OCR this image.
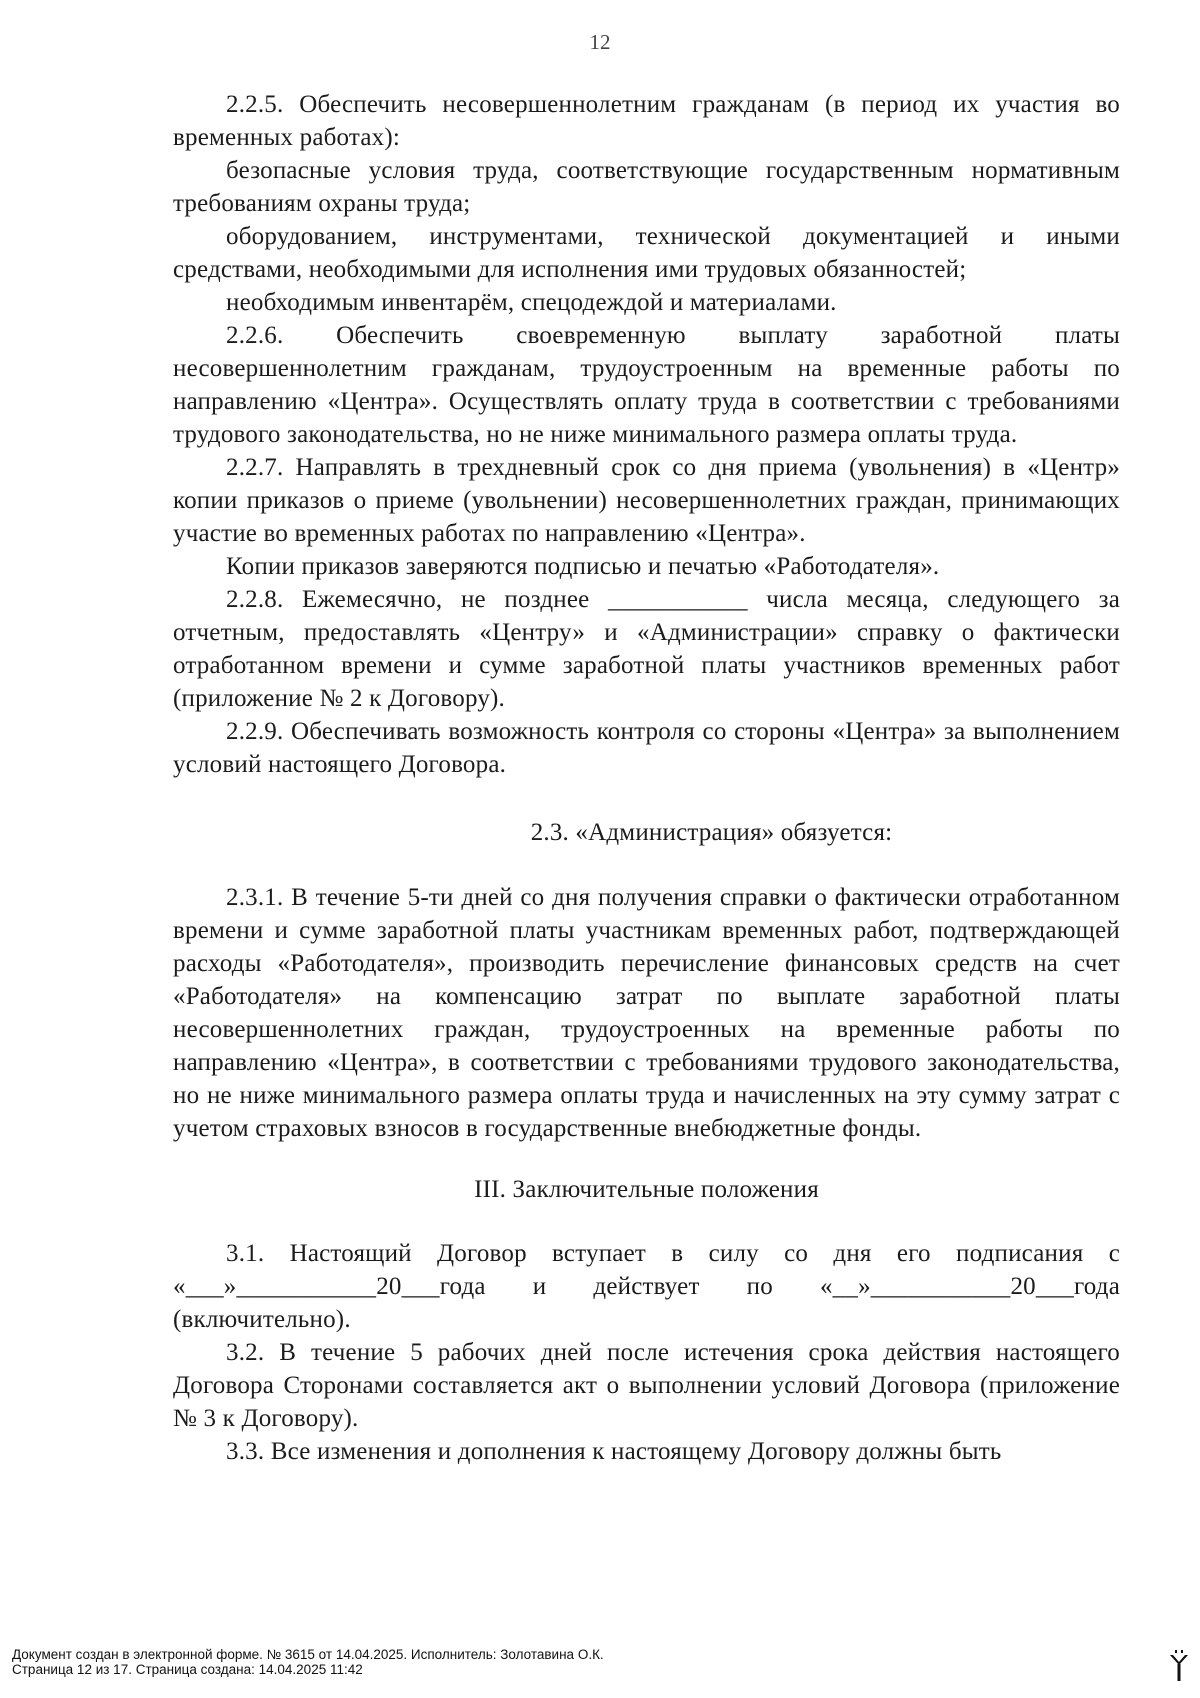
12

2.2.5. Обеспечить несовершеннолетним гражданам (в период их участия во временных работах):

безопасные условия труда, соответствующие государственным нормативным требованиям охраны труда;

оборудованием, инструментами, технической документацией и иными средствами, необходимыми для исполнения ими трудовых обязанностей;

необходимым инвентарём, спецодеждой и материалами.

2.2.6. Обеспечить своевременную выплату заработной платы несовершеннолетним гражданам, трудоустроенным на временные работы по направлению «Центра». Осуществлять оплату труда в соответствии с требованиями трудового законодательства, но не ниже минимального размера оплаты труда.

2.2.7. Направлять в трехдневный срок со дня приема (увольнения) в «Центр» копии приказов о приеме (увольнении) несовершеннолетних граждан, принимающих участие во временных работах по направлению «Центра».

Копии приказов заверяются подписью и печатью «Работодателя».

2.2.8. Ежемесячно, не позднее ___________ числа месяца, следующего за отчетным, предоставлять «Центру» и «Администрации» справку о фактически отработанном времени и сумме заработной платы участников временных работ (приложение № 2 к Договору).

2.2.9. Обеспечивать возможность контроля со стороны «Центра» за выполнением условий настоящего Договора.

2.3. «Администрация» обязуется:

2.3.1. В течение 5-ти дней со дня получения справки о фактически отработанном времени и сумме заработной платы участникам временных работ, подтверждающей расходы «Работодателя», производить перечисление финансовых средств на счет «Работодателя» на компенсацию затрат по выплате заработной платы несовершеннолетних граждан, трудоустроенных на временные работы по направлению «Центра», в соответствии с требованиями трудового законодательства, но не ниже минимального размера оплаты труда и начисленных на эту сумму затрат с учетом страховых взносов в государственные внебюджетные фонды.

III. Заключительные положения

3.1. Настоящий Договор вступает в силу со дня его подписания с «___»___________20___года и действует по «__»___________20___года (включительно).

3.2. В течение 5 рабочих дней после истечения срока действия настоящего Договора Сторонами составляется акт о выполнении условий Договора (приложение № 3 к Договору).

3.3. Все изменения и дополнения к настоящему Договору должны быть

Документ создан в электронной форме. № 3615 от 14.04.2025. Исполнитель: Золотавина О.К.
Страница 12 из 17. Страница создана: 14.04.2025 11:42
